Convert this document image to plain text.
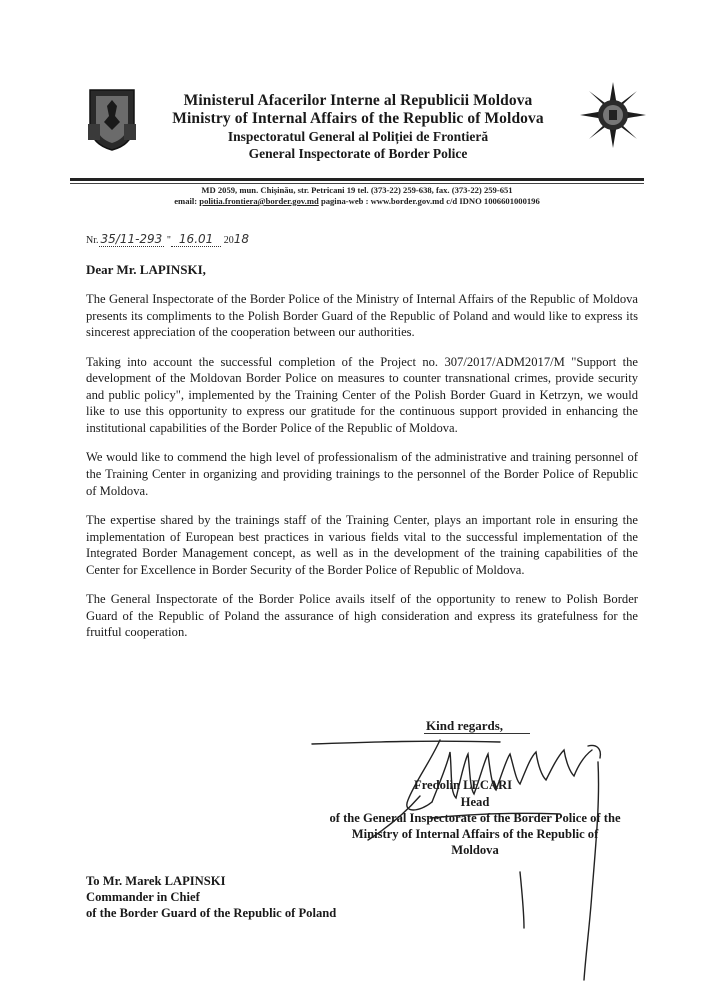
Ministerul Afacerilor Interne al Republicii Moldova
Ministry of Internal Affairs of the Republic of Moldova
Inspectoratul General al Poliției de Frontieră
General Inspectorate of Border Police
MD 2059, mun. Chișinău, str. Petricani 19 tel. (373-22) 259-638, fax. (373-22) 259-651
email: politia.frontiera@border.gov.md pagina-web : www.border.gov.md c/d IDNO 1006601000196
Nr. 35/11-293 " 16.01 2018
Dear Mr. LAPINSKI,

The General Inspectorate of the Border Police of the Ministry of Internal Affairs of the Republic of Moldova presents its compliments to the Polish Border Guard of the Republic of Poland and would like to express its sincerest appreciation of the cooperation between our authorities.

Taking into account the successful completion of the Project no. 307/2017/ADM2017/M "Support the development of the Moldovan Border Police on measures to counter transnational crimes, provide security and public policy", implemented by the Training Center of the Polish Border Guard in Ketrzyn, we would like to use this opportunity to express our gratitude for the continuous support provided in enhancing the institutional capabilities of the Border Police of the Republic of Moldova.

We would like to commend the high level of professionalism of the administrative and training personnel of the Training Center in organizing and providing trainings to the personnel of the Border Police of Republic of Moldova.

The expertise shared by the trainings staff of the Training Center, plays an important role in ensuring the implementation of European best practices in various fields vital to the successful implementation of the Integrated Border Management concept, as well as in the development of the training capabilities of the Center for Excellence in Border Security of the Border Police of Republic of Moldova.

The General Inspectorate of the Border Police avails itself of the opportunity to renew to Polish Border Guard of the Republic of Poland the assurance of high consideration and express its gratefulness for the fruitful cooperation.

Kind regards,
Fredolin LECARI
Head
of the General Inspectorate of the Border Police of the
Ministry of Internal Affairs of the Republic of
Moldova
To Mr. Marek LAPINSKI
Commander in Chief
of the Border Guard of the Republic of Poland
